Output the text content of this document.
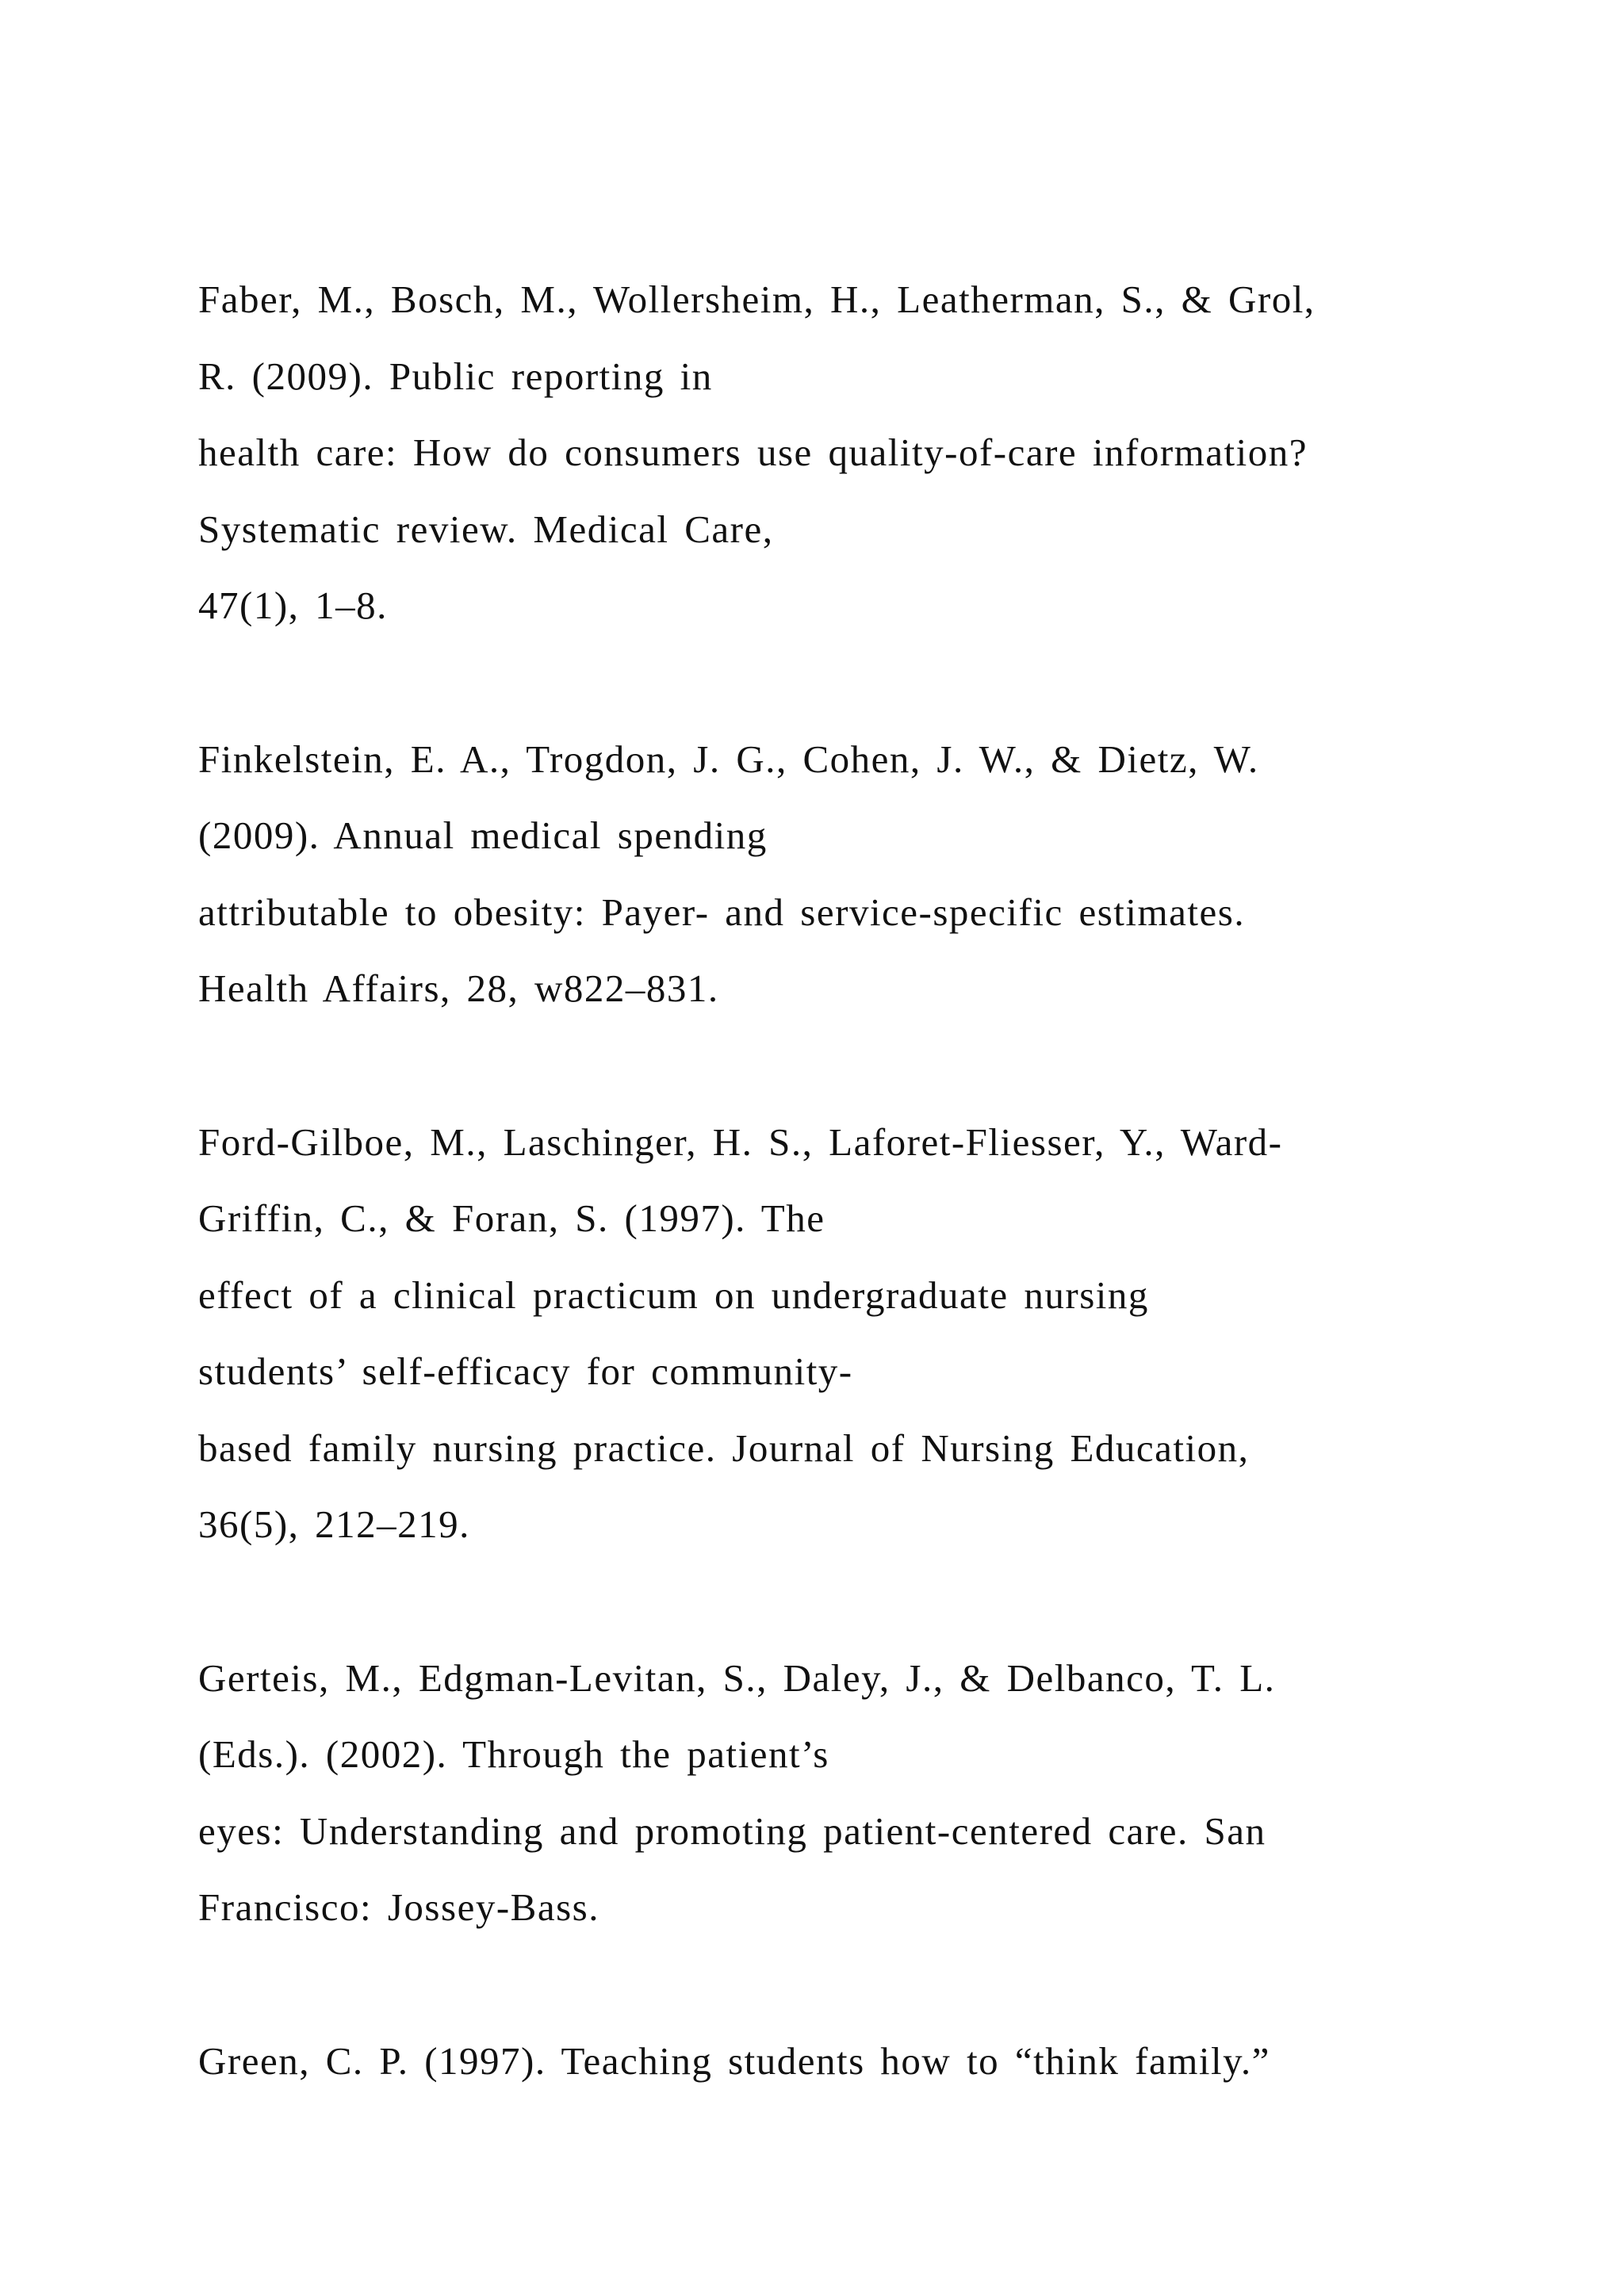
Faber, M., Bosch, M., Wollersheim, H., Leatherman, S., & Grol,
R. (2009). Public reporting in
health care: How do consumers use quality-of-care information?
Systematic review. Medical Care,
47(1), 1–8.
Finkelstein, E. A., Trogdon, J. G., Cohen, J. W., & Dietz, W.
(2009). Annual medical spending
attributable to obesity: Payer- and service-specific estimates.
Health Affairs, 28, w822–831.
Ford-Gilboe, M., Laschinger, H. S., Laforet-Fliesser, Y., Ward-
Griffin, C., & Foran, S. (1997). The
effect of a clinical practicum on undergraduate nursing
students’ self-efficacy for community-
based family nursing practice. Journal of Nursing Education,
36(5), 212–219.
Gerteis, M., Edgman-Levitan, S., Daley, J., & Delbanco, T. L.
(Eds.). (2002). Through the patient’s
eyes: Understanding and promoting patient-centered care. San
Francisco: Jossey-Bass.
Green, C. P. (1997). Teaching students how to “think family.”
